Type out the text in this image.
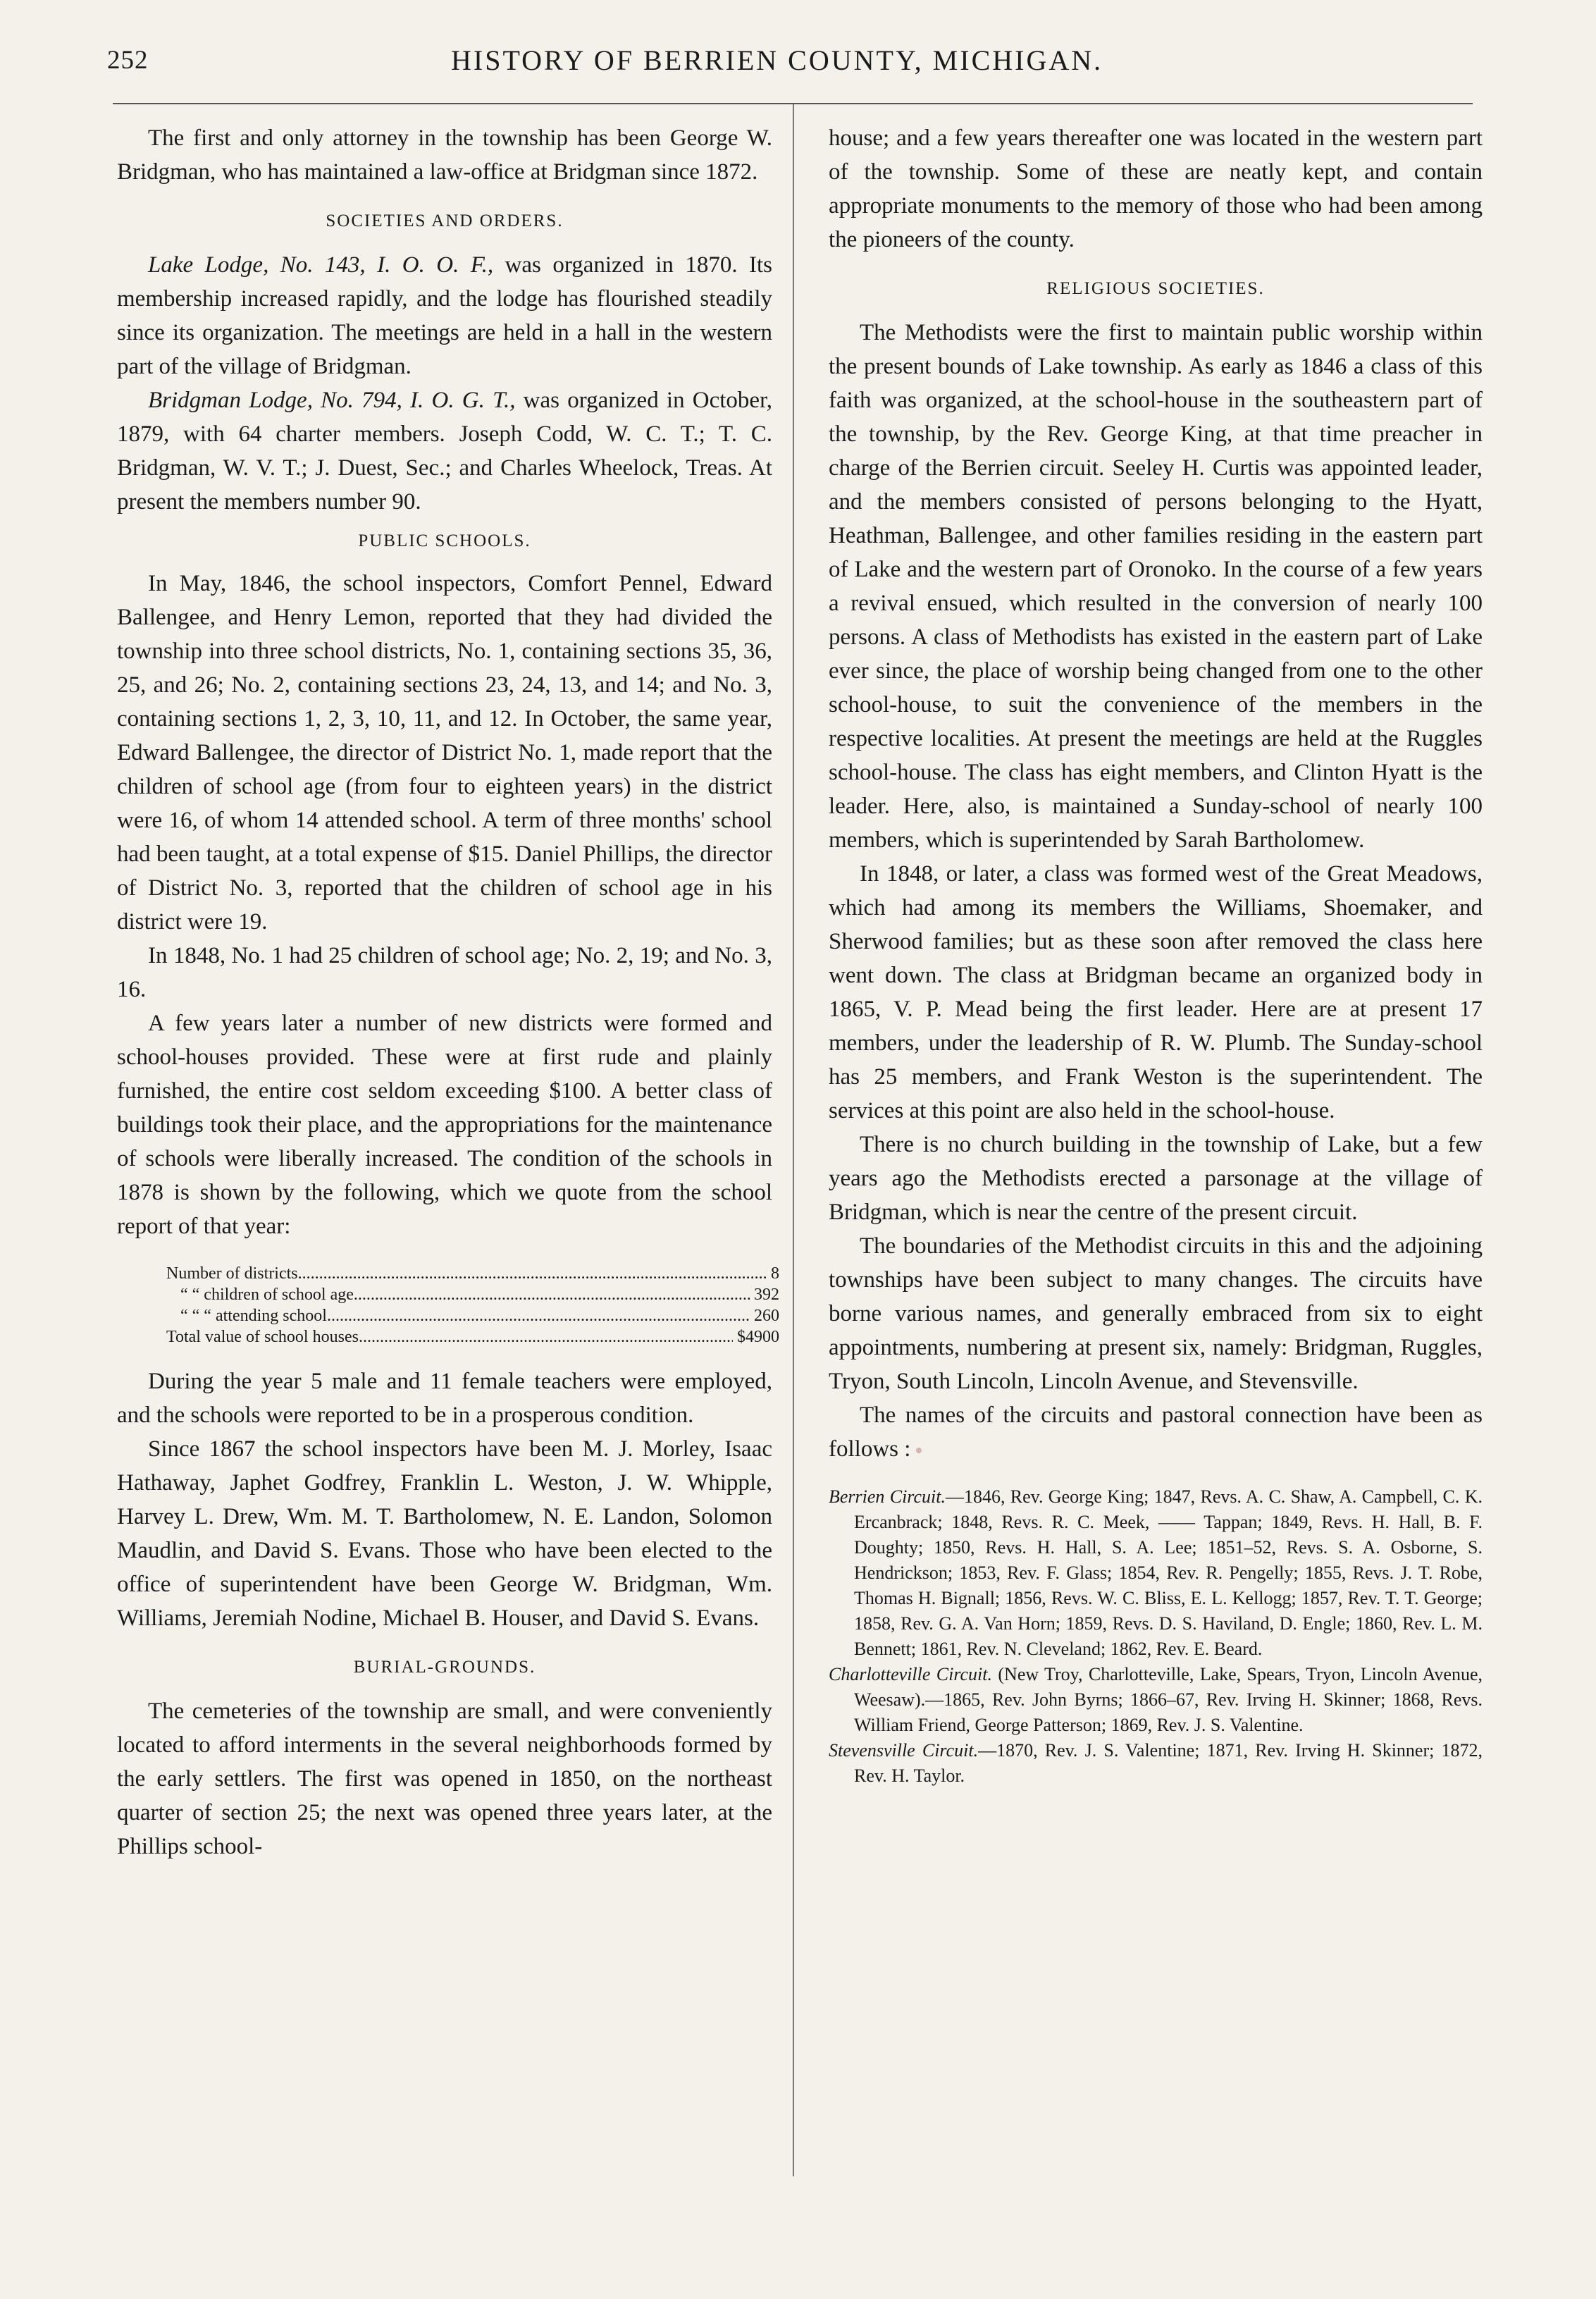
252	HISTORY OF BERRIEN COUNTY, MICHIGAN.

The first and only attorney in the township has been George W. Bridgman, who has maintained a law-office at Bridgman since 1872.

SOCIETIES AND ORDERS.

Lake Lodge, No. 143, I. O. O. F., was organized in 1870. Its membership increased rapidly, and the lodge has flourished steadily since its organization. The meetings are held in a hall in the western part of the village of Bridgman.

Bridgman Lodge, No. 794, I. O. G. T., was organized in October, 1879, with 64 charter members. Joseph Codd, W. C. T.; T. C. Bridgman, W. V. T.; J. Duest, Sec.; and Charles Wheelock, Treas. At present the members number 90.

PUBLIC SCHOOLS.

In May, 1846, the school inspectors, Comfort Pennel, Edward Ballengee, and Henry Lemon, reported that they had divided the township into three school districts, No. 1, containing sections 35, 36, 25, and 26; No. 2, containing sections 23, 24, 13, and 14; and No. 3, containing sections 1, 2, 3, 10, 11, and 12. In October, the same year, Edward Ballengee, the director of District No. 1, made report that the children of school age (from four to eighteen years) in the district were 16, of whom 14 attended school. A term of three months' school had been taught, at a total expense of $15. Daniel Phillips, the director of District No. 3, reported that the children of school age in his district were 19.

In 1848, No. 1 had 25 children of school age; No. 2, 19; and No. 3, 16.

A few years later a number of new districts were formed and school-houses provided. These were at first rude and plainly furnished, the entire cost seldom exceeding $100. A better class of buildings took their place, and the appropriations for the maintenance of schools were liberally increased. The condition of the schools in 1878 is shown by the following, which we quote from the school report of that year:

Number of districts .....	8
“ “ children of school age .....	392
“ “ “ attending school .....	260
Total value of school houses .....	$4900

During the year 5 male and 11 female teachers were employed, and the schools were reported to be in a prosperous condition.

Since 1867 the school inspectors have been M. J. Morley, Isaac Hathaway, Japhet Godfrey, Franklin L. Weston, J. W. Whipple, Harvey L. Drew, Wm. M. T. Bartholomew, N. E. Landon, Solomon Maudlin, and David S. Evans. Those who have been elected to the office of superintendent have been George W. Bridgman, Wm. Williams, Jeremiah Nodine, Michael B. Houser, and David S. Evans.

BURIAL-GROUNDS.

The cemeteries of the township are small, and were conveniently located to afford interments in the several neighborhoods formed by the early settlers. The first was opened in 1850, on the northeast quarter of section 25; the next was opened three years later, at the Phillips school-

house; and a few years thereafter one was located in the western part of the township. Some of these are neatly kept, and contain appropriate monuments to the memory of those who had been among the pioneers of the county.

RELIGIOUS SOCIETIES.

The Methodists were the first to maintain public worship within the present bounds of Lake township. As early as 1846 a class of this faith was organized, at the school-house in the southeastern part of the township, by the Rev. George King, at that time preacher in charge of the Berrien circuit. Seeley H. Curtis was appointed leader, and the members consisted of persons belonging to the Hyatt, Heathman, Ballengee, and other families residing in the eastern part of Lake and the western part of Oronoko. In the course of a few years a revival ensued, which resulted in the conversion of nearly 100 persons. A class of Methodists has existed in the eastern part of Lake ever since, the place of worship being changed from one to the other school-house, to suit the convenience of the members in the respective localities. At present the meetings are held at the Ruggles school-house. The class has eight members, and Clinton Hyatt is the leader. Here, also, is maintained a Sunday-school of nearly 100 members, which is superintended by Sarah Bartholomew.

In 1848, or later, a class was formed west of the Great Meadows, which had among its members the Williams, Shoemaker, and Sherwood families; but as these soon after removed the class here went down. The class at Bridgman became an organized body in 1865, V. P. Mead being the first leader. Here are at present 17 members, under the leadership of R. W. Plumb. The Sunday-school has 25 members, and Frank Weston is the superintendent. The services at this point are also held in the school-house.

There is no church building in the township of Lake, but a few years ago the Methodists erected a parsonage at the village of Bridgman, which is near the centre of the present circuit.

The boundaries of the Methodist circuits in this and the adjoining townships have been subject to many changes. The circuits have borne various names, and generally embraced from six to eight appointments, numbering at present six, namely: Bridgman, Ruggles, Tryon, South Lincoln, Lincoln Avenue, and Stevensville.

The names of the circuits and pastoral connection have been as follows :

Berrien Circuit.—1846, Rev. George King; 1847, Revs. A. C. Shaw, A. Campbell, C. K. Ercanbrack; 1848, Revs. R. C. Meek, —— Tappan; 1849, Revs. H. Hall, B. F. Doughty; 1850, Revs. H. Hall, S. A. Lee; 1851–52, Revs. S. A. Osborne, S. Hendrickson; 1853, Rev. F. Glass; 1854, Rev. R. Pengelly; 1855, Revs. J. T. Robe, Thomas H. Bignall; 1856, Revs. W. C. Bliss, E. L. Kellogg; 1857, Rev. T. T. George; 1858, Rev. G. A. Van Horn; 1859, Revs. D. S. Haviland, D. Engle; 1860, Rev. L. M. Bennett; 1861, Rev. N. Cleveland; 1862, Rev. E. Beard.

Charlotteville Circuit. (New Troy, Charlotteville, Lake, Spears, Tryon, Lincoln Avenue, Weesaw).—1865, Rev. John Byrns; 1866–67, Rev. Irving H. Skinner; 1868, Revs. William Friend, George Patterson; 1869, Rev. J. S. Valentine.

Stevensville Circuit.—1870, Rev. J. S. Valentine; 1871, Rev. Irving H. Skinner; 1872, Rev. H. Taylor.
